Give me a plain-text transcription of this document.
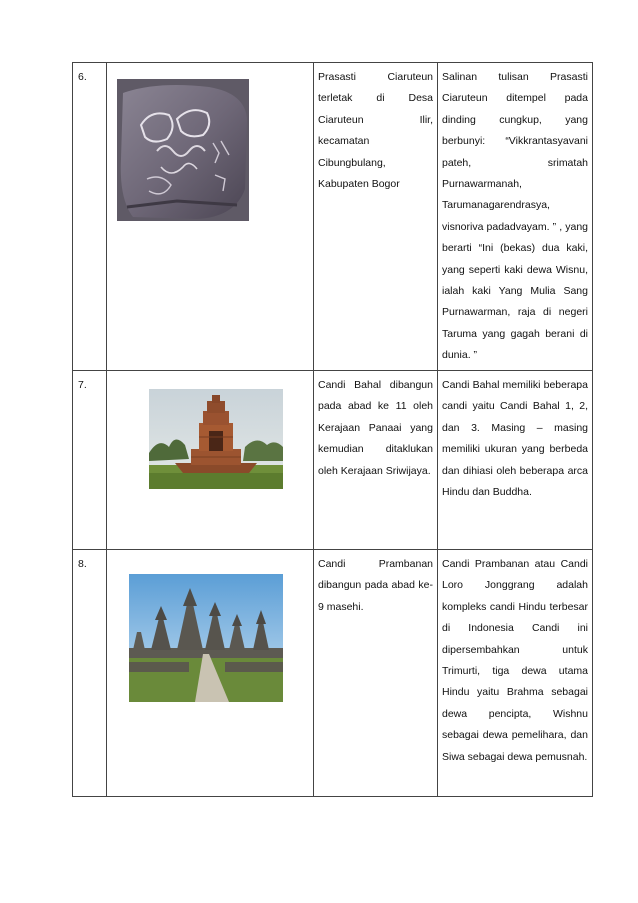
6.		Prasasti Ciaruteun terletak di Desa Ciaruteun Ilir, kecamatan Cibungbulang, Kabupaten Bogor	Salinan tulisan Prasasti Ciaruteun ditempel pada dinding cungkup, yang berbunyi: “Vikkrantasyavani pateh, srimatah Purnawarmanah, Tarumanagarendrasya, visnoriva padadvayam. ” , yang berarti “Ini (bekas) dua kaki, yang seperti kaki dewa Wisnu, ialah kaki Yang Mulia Sang Purnawarman, raja di negeri Taruma yang gagah berani di dunia. ”

7.		Candi Bahal dibangun pada abad ke 11 oleh Kerajaan Panaai yang kemudian ditaklukan oleh Kerajaan Sriwijaya.	Candi Bahal memiliki beberapa candi yaitu Candi Bahal 1, 2, dan 3. Masing – masing memiliki ukuran yang berbeda dan dihiasi oleh beberapa arca Hindu dan Buddha.

8.		Candi Prambanan dibangun pada abad ke-9 masehi.	Candi Prambanan atau Candi Loro Jonggrang adalah kompleks candi Hindu terbesar di Indonesia Candi ini dipersembahkan untuk Trimurti, tiga dewa utama Hindu yaitu Brahma sebagai dewa pencipta, Wishnu sebagai dewa pemelihara, dan Siwa sebagai dewa pemusnah.
